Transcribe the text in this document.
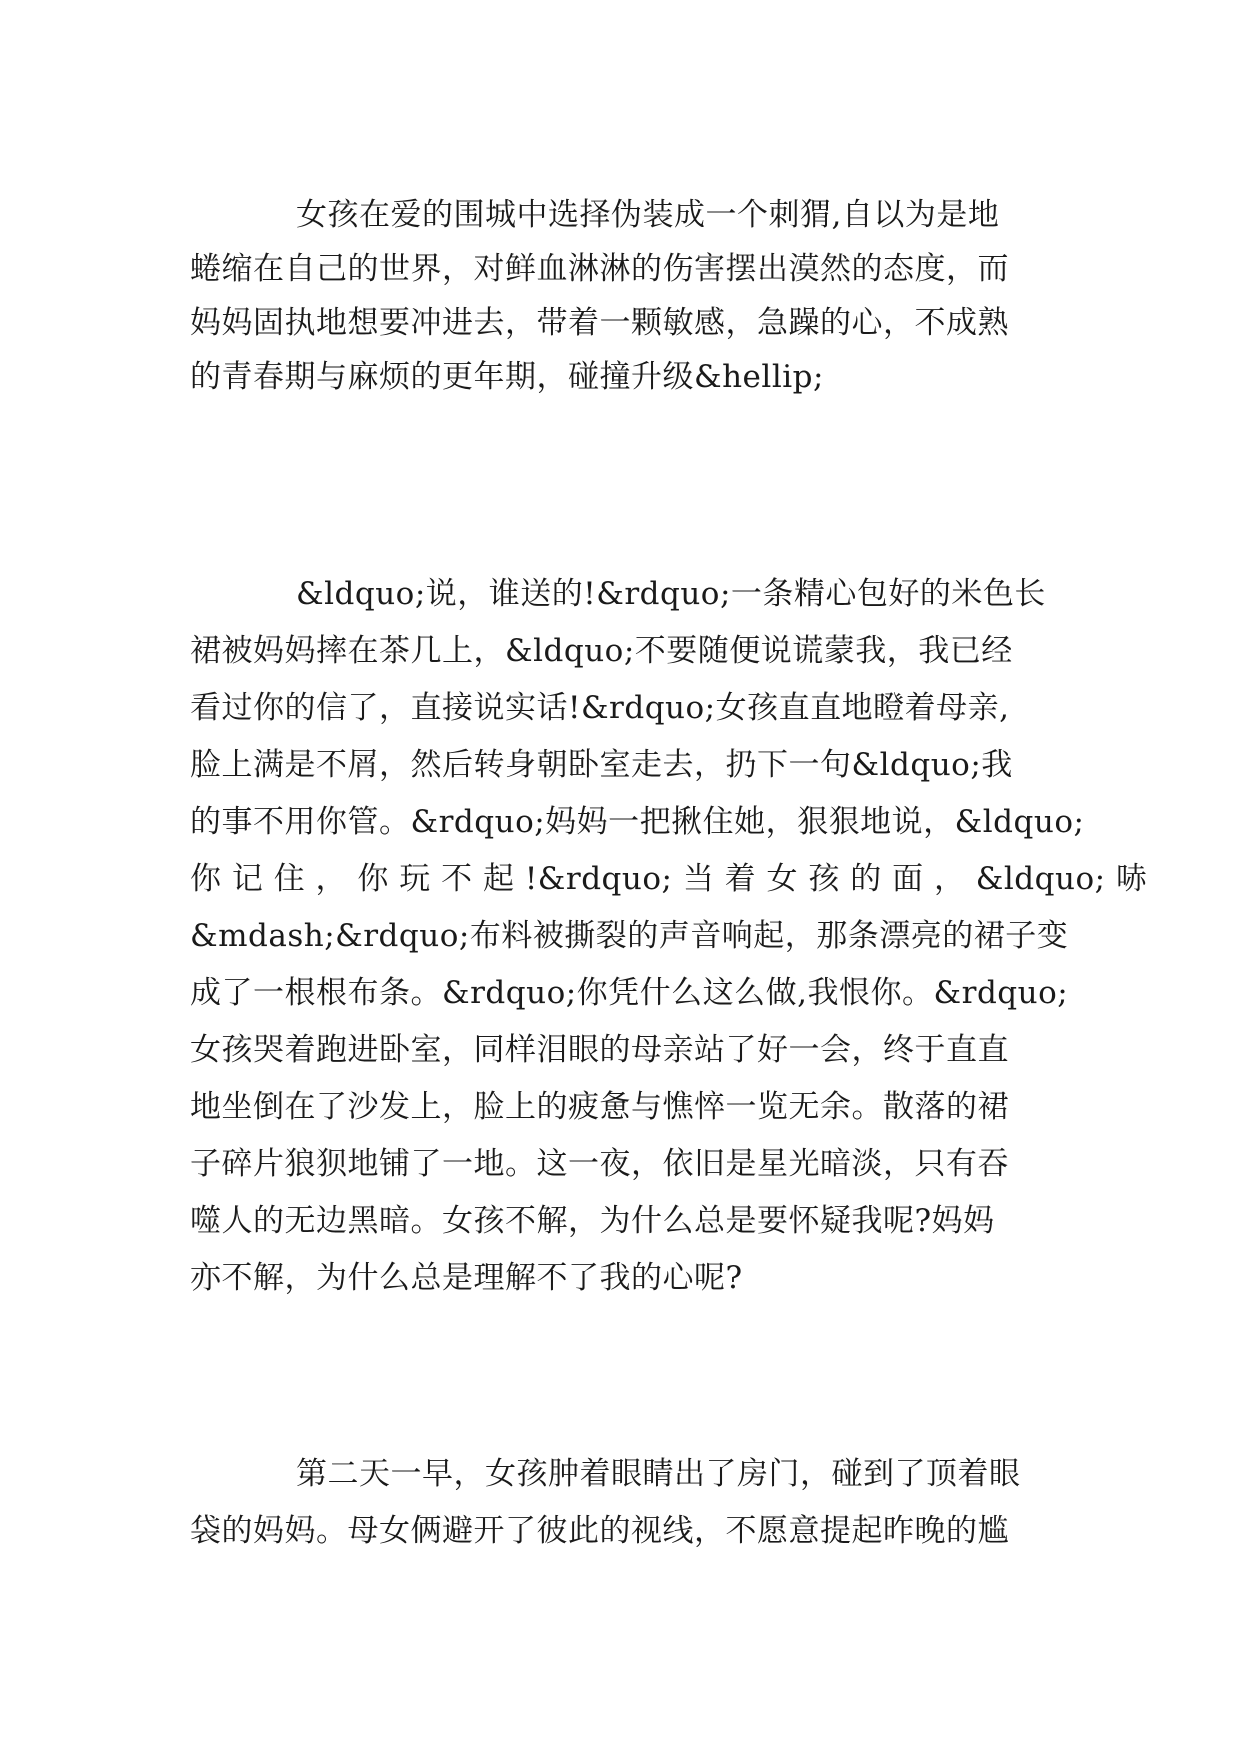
女孩在爱的围城中选择伪装成一个刺猬,自以为是地
蜷缩在自己的世界，对鲜血淋淋的伤害摆出漠然的态度，而
妈妈固执地想要冲进去，带着一颗敏感，急躁的心，不成熟
的青春期与麻烦的更年期，碰撞升级&hellip;
&ldquo;说，谁送的!&rdquo;一条精心包好的米色长
裙被妈妈摔在茶几上，&ldquo;不要随便说谎蒙我，我已经
看过你的信了，直接说实话!&rdquo;女孩直直地瞪着母亲,
脸上满是不屑，然后转身朝卧室走去，扔下一句&ldquo;我
的事不用你管。&rdquo;妈妈一把揪住她，狠狠地说，&ldquo;
你 记 住 ， 你 玩 不 起 !&rdquo; 当 着 女 孩 的 面 ， &ldquo; 哧
&mdash;&rdquo;布料被撕裂的声音响起，那条漂亮的裙子变
成了一根根布条。&rdquo;你凭什么这么做,我恨你。&rdquo;
女孩哭着跑进卧室，同样泪眼的母亲站了好一会，终于直直
地坐倒在了沙发上，脸上的疲惫与憔悴一览无余。散落的裙
子碎片狼狈地铺了一地。这一夜，依旧是星光暗淡，只有吞
噬人的无边黑暗。女孩不解，为什么总是要怀疑我呢?妈妈
亦不解，为什么总是理解不了我的心呢?
第二天一早，女孩肿着眼睛出了房门，碰到了顶着眼
袋的妈妈。母女俩避开了彼此的视线，不愿意提起昨晚的尴
